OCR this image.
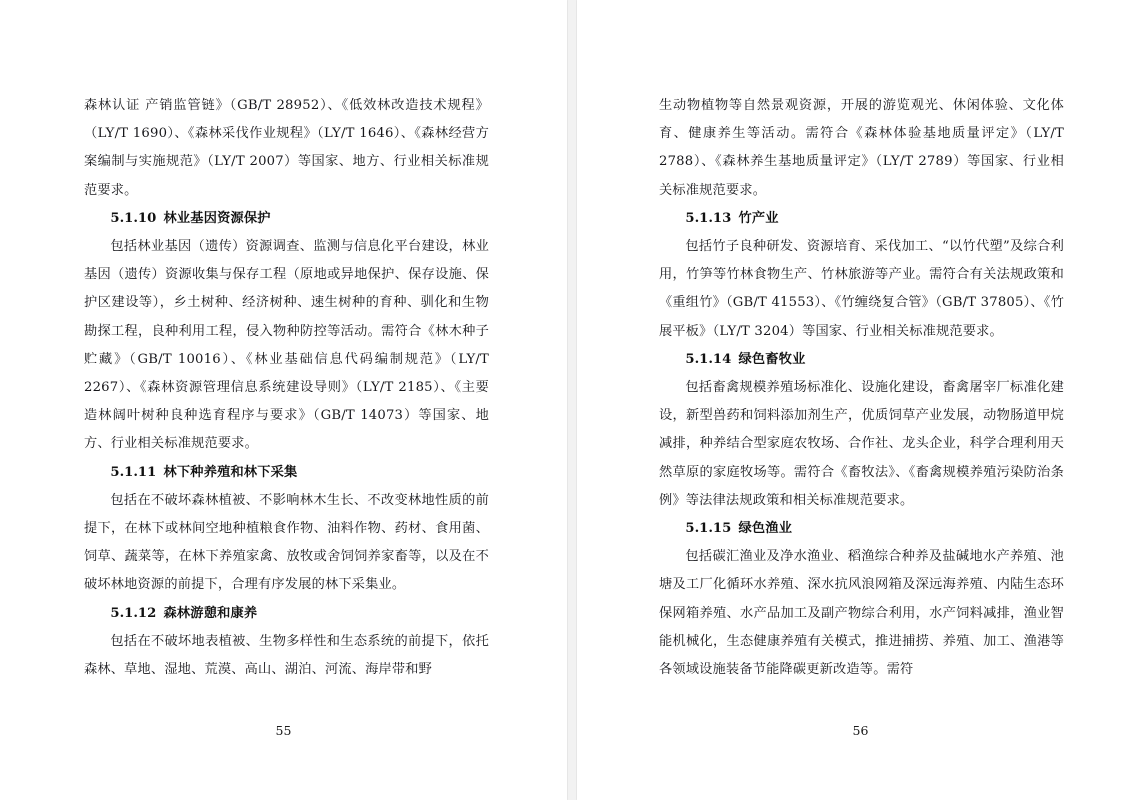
森林认证 产销监管链》（GB/T 28952）、《低效林改造技术规程》（LY/T 1690）、《森林采伐作业规程》（LY/T 1646）、《森林经营方案编制与实施规范》（LY/T 2007）等国家、地方、行业相关标准规范要求。

5.1.10 林业基因资源保护

包括林业基因（遗传）资源调查、监测与信息化平台建设，林业基因（遗传）资源收集与保存工程（原地或异地保护、保存设施、保护区建设等），乡土树种、经济树种、速生树种的育种、驯化和生物勘探工程，良种利用工程，侵入物种防控等活动。需符合《林木种子贮藏》（GB/T 10016）、《林业基础信息代码编制规范》（LY/T 2267）、《森林资源管理信息系统建设导则》（LY/T 2185）、《主要造林阔叶树种良种选育程序与要求》（GB/T 14073）等国家、地方、行业相关标准规范要求。

5.1.11 林下种养殖和林下采集

包括在不破坏森林植被、不影响林木生长、不改变林地性质的前提下，在林下或林间空地种植粮食作物、油料作物、药材、食用菌、饲草、蔬菜等，在林下养殖家禽、放牧或舍饲饲养家畜等，以及在不破坏林地资源的前提下，合理有序发展的林下采集业。

5.1.12 森林游憩和康养

包括在不破坏地表植被、生物多样性和生态系统的前提下，依托森林、草地、湿地、荒漠、高山、湖泊、河流、海岸带和野

55

生动物植物等自然景观资源，开展的游览观光、休闲体验、文化体育、健康养生等活动。需符合《森林体验基地质量评定》（LY/T 2788）、《森林养生基地质量评定》（LY/T 2789）等国家、行业相关标准规范要求。

5.1.13 竹产业

包括竹子良种研发、资源培育、采伐加工、“以竹代塑”及综合利用，竹笋等竹林食物生产、竹林旅游等产业。需符合有关法规政策和《重组竹》（GB/T 41553）、《竹缠绕复合管》（GB/T 37805）、《竹展平板》（LY/T 3204）等国家、行业相关标准规范要求。

5.1.14 绿色畜牧业

包括畜禽规模养殖场标准化、设施化建设，畜禽屠宰厂标准化建设，新型兽药和饲料添加剂生产，优质饲草产业发展，动物肠道甲烷减排，种养结合型家庭农牧场、合作社、龙头企业，科学合理利用天然草原的家庭牧场等。需符合《畜牧法》、《畜禽规模养殖污染防治条例》等法律法规政策和相关标准规范要求。

5.1.15 绿色渔业

包括碳汇渔业及净水渔业、稻渔综合种养及盐碱地水产养殖、池塘及工厂化循环水养殖、深水抗风浪网箱及深远海养殖、内陆生态环保网箱养殖、水产品加工及副产物综合利用，水产饲料减排，渔业智能机械化，生态健康养殖有关模式，推进捕捞、养殖、加工、渔港等各领域设施装备节能降碳更新改造等。需符

56
